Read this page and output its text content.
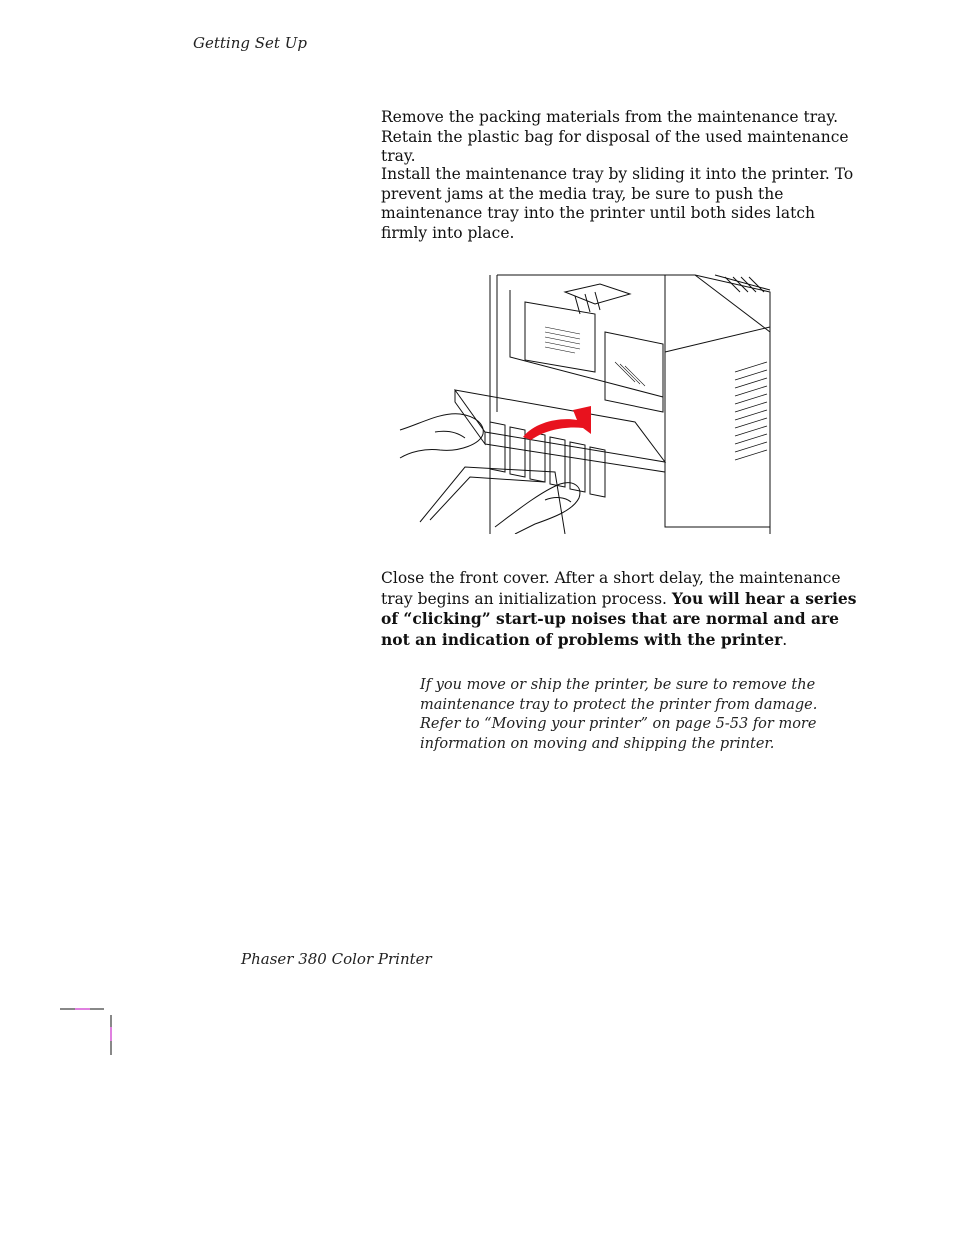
Getting Set Up

Remove the packing materials from the maintenance tray. Retain the plastic bag for disposal of the used maintenance tray.

Install the maintenance tray by sliding it into the printer. To prevent jams at the media tray, be sure to push the maintenance tray into the printer until both sides latch firmly into place.

Close the front cover. After a short delay, the maintenance tray begins an initialization process. You will hear a series of “clicking” start-up noises that are normal and are not an indication of problems with the printer.

If you move or ship the printer, be sure to remove the maintenance tray to protect the printer from damage. Refer to “Moving your printer” on page 5-53 for more information on moving and shipping the printer.

Phaser 380 Color Printer
